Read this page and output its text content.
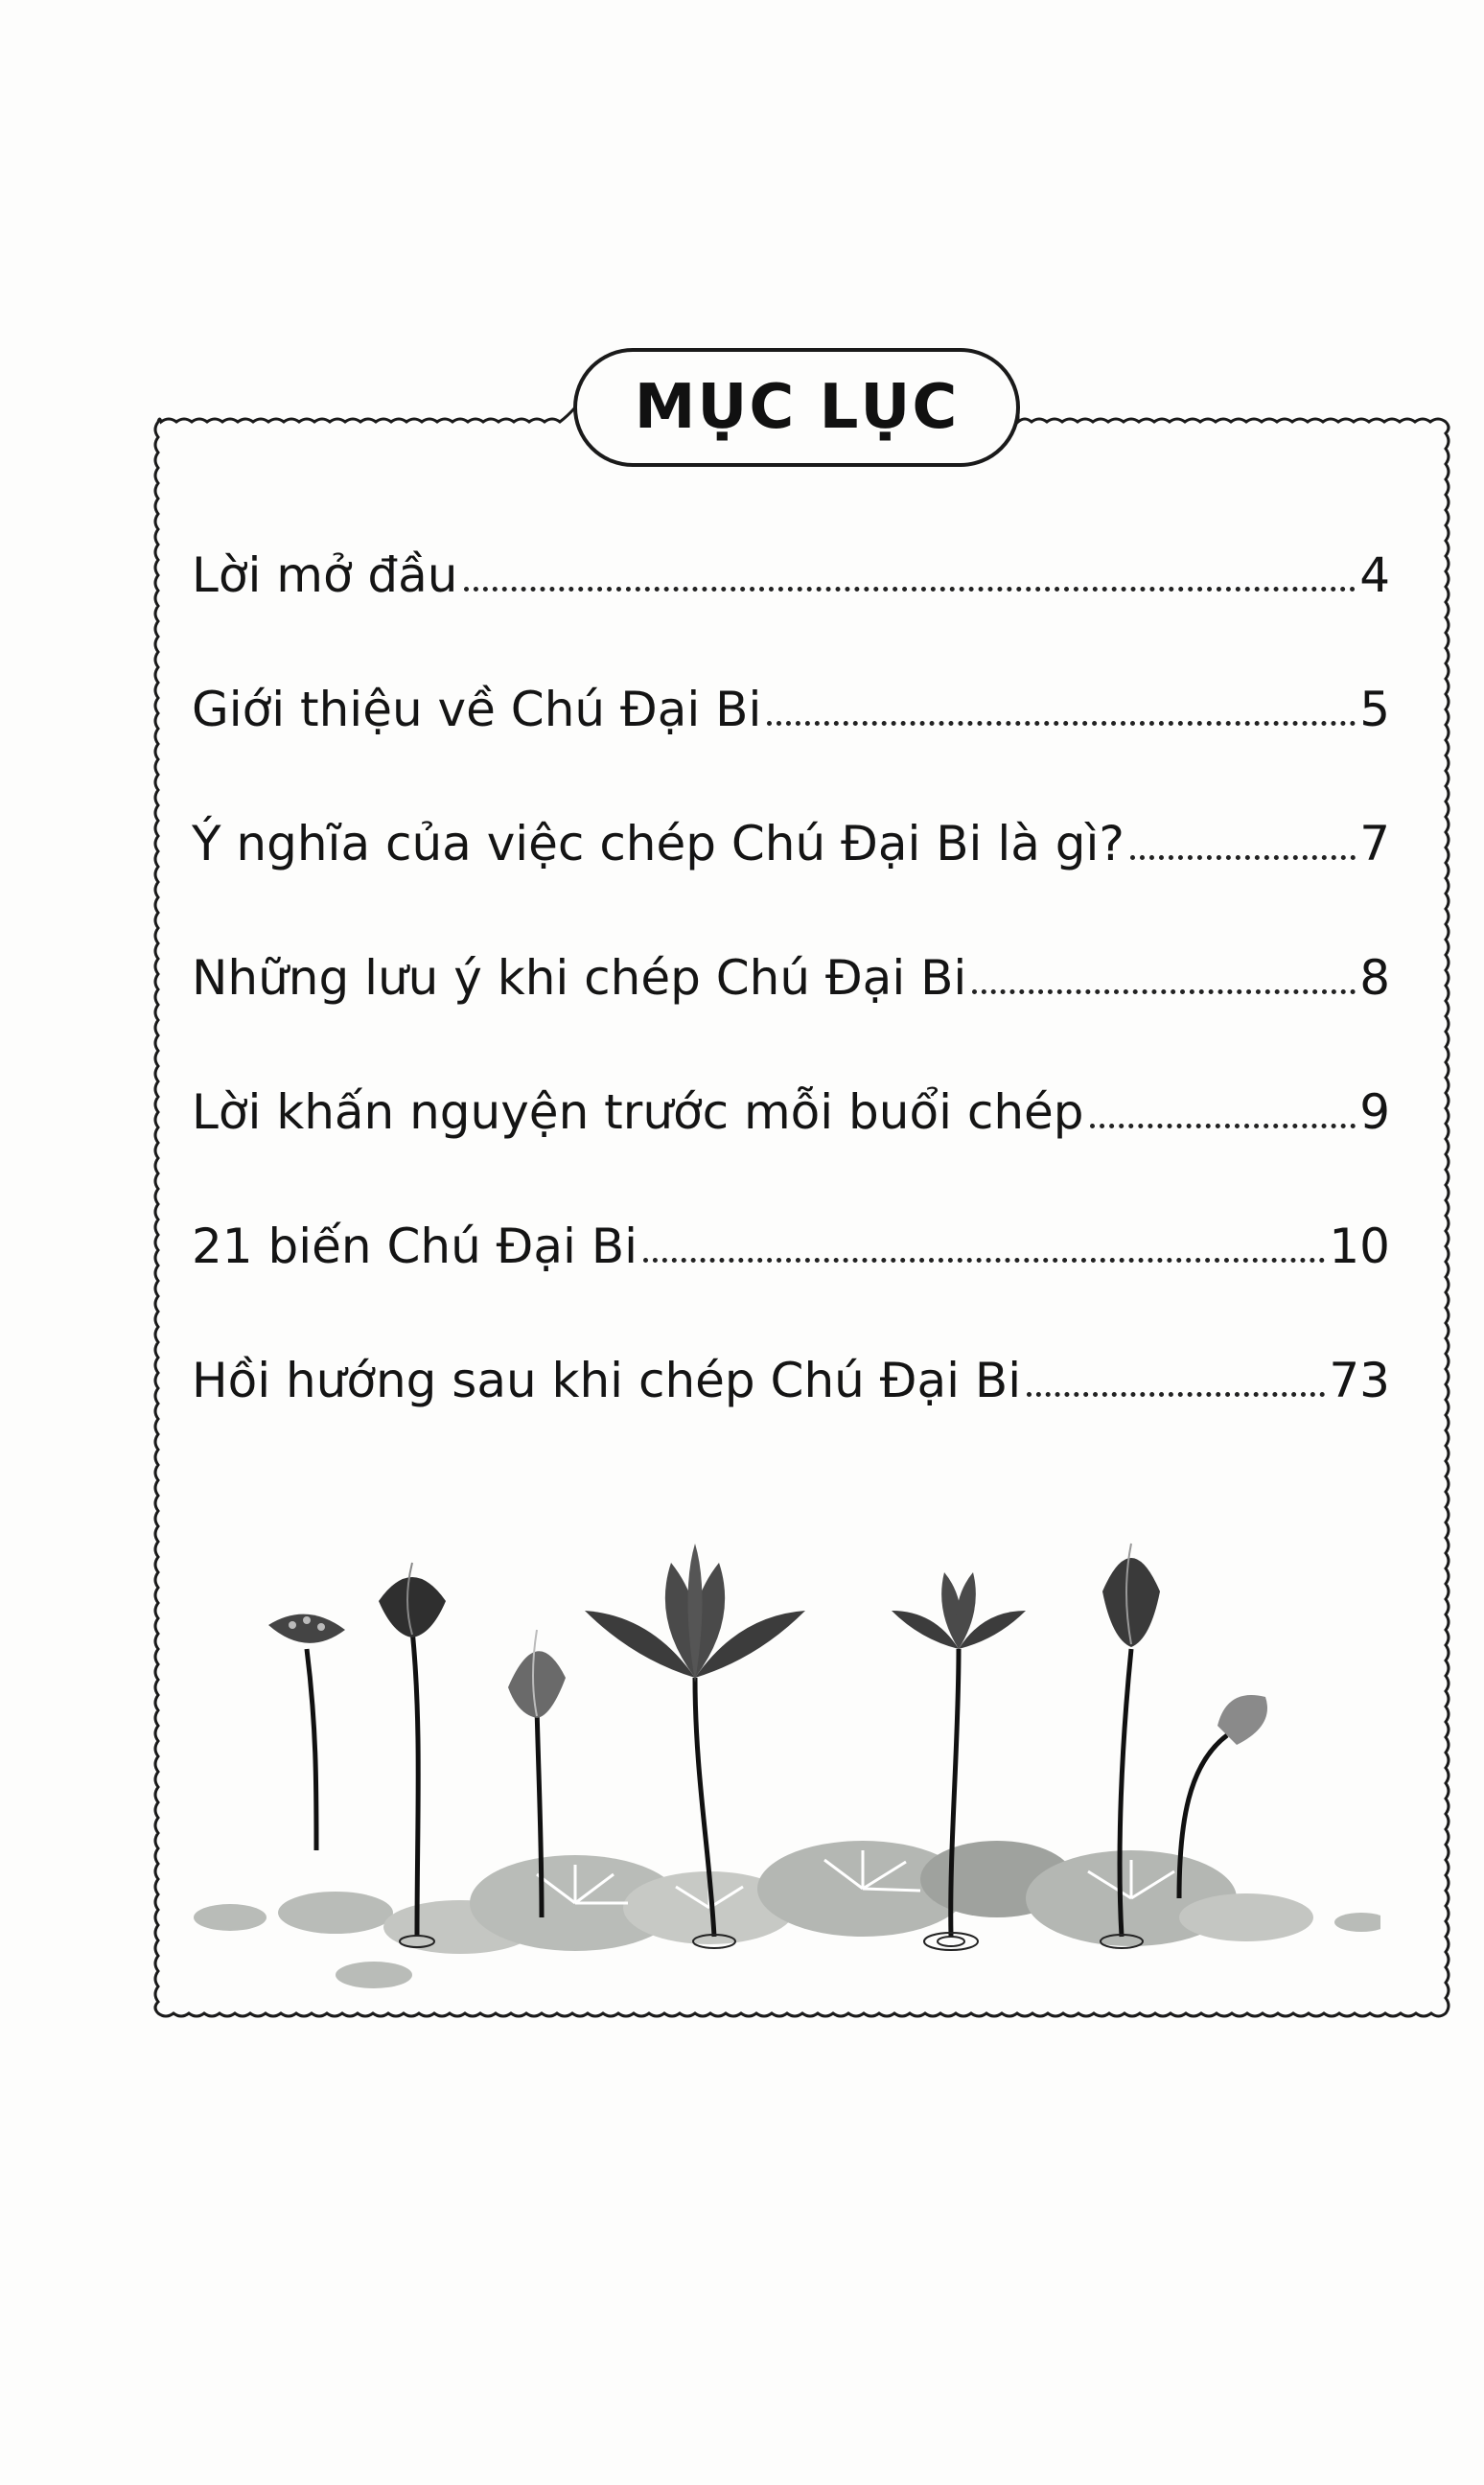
MỤC LỤC
Lời mở đầu	4
Giới thiệu về Chú Đại Bi	5
Ý nghĩa của việc chép Chú Đại Bi là gì?	7
Những lưu ý khi chép Chú Đại Bi	8
Lời khấn nguyện trước mỗi buổi chép	9
21 biến Chú Đại Bi	10
Hồi hướng sau khi chép Chú Đại Bi	73
